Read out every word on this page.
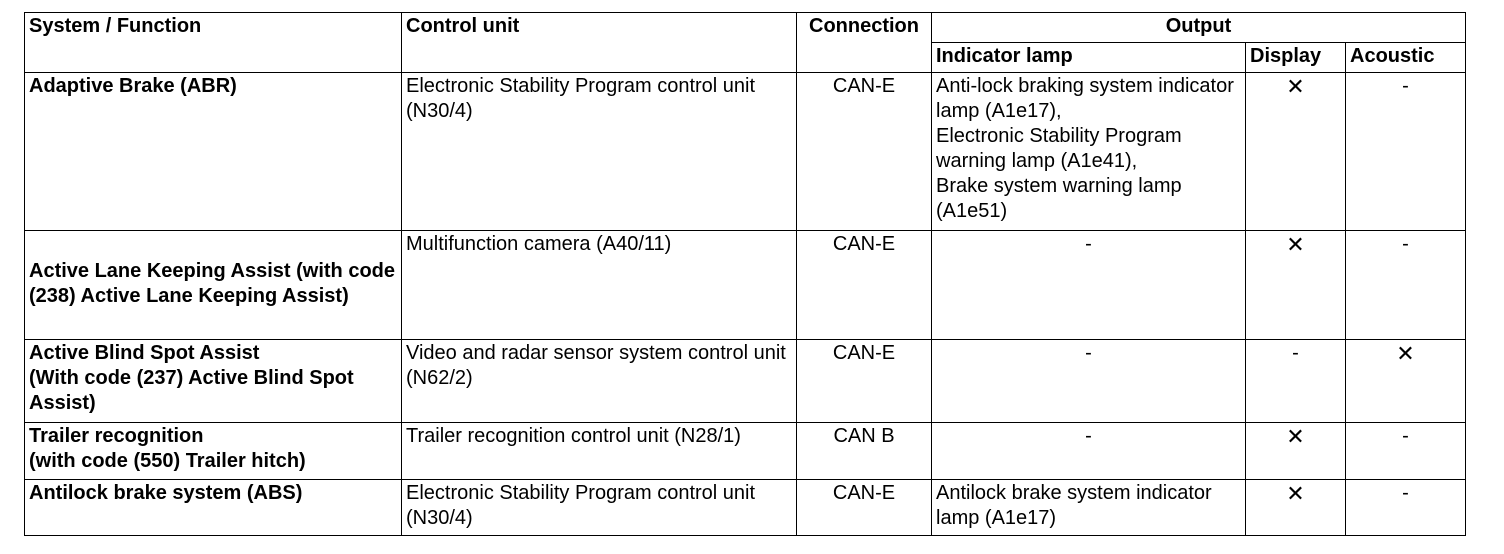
System / Function	Control unit	Connection	Output		
			Indicator lamp	Display	Acoustic
Adaptive Brake (ABR)	Electronic Stability Program control unit (N30/4)	CAN-E	Anti-lock braking system indicator lamp (A1e17),
Electronic Stability Program warning lamp (A1e41),
Brake system warning lamp (A1e51)	✕	-
Active Lane Keeping Assist (with code (238) Active Lane Keeping Assist)	Multifunction camera (A40/11)	CAN-E	-	✕	-
Active Blind Spot Assist
(With code (237) Active Blind Spot Assist)	Video and radar sensor system control unit (N62/2)	CAN-E	-	-	✕
Trailer recognition
(with code (550) Trailer hitch)	Trailer recognition control unit (N28/1)	CAN B	-	✕	-
Antilock brake system (ABS)	Electronic Stability Program control unit (N30/4)	CAN-E	Antilock brake system indicator lamp (A1e17)	✕	-
